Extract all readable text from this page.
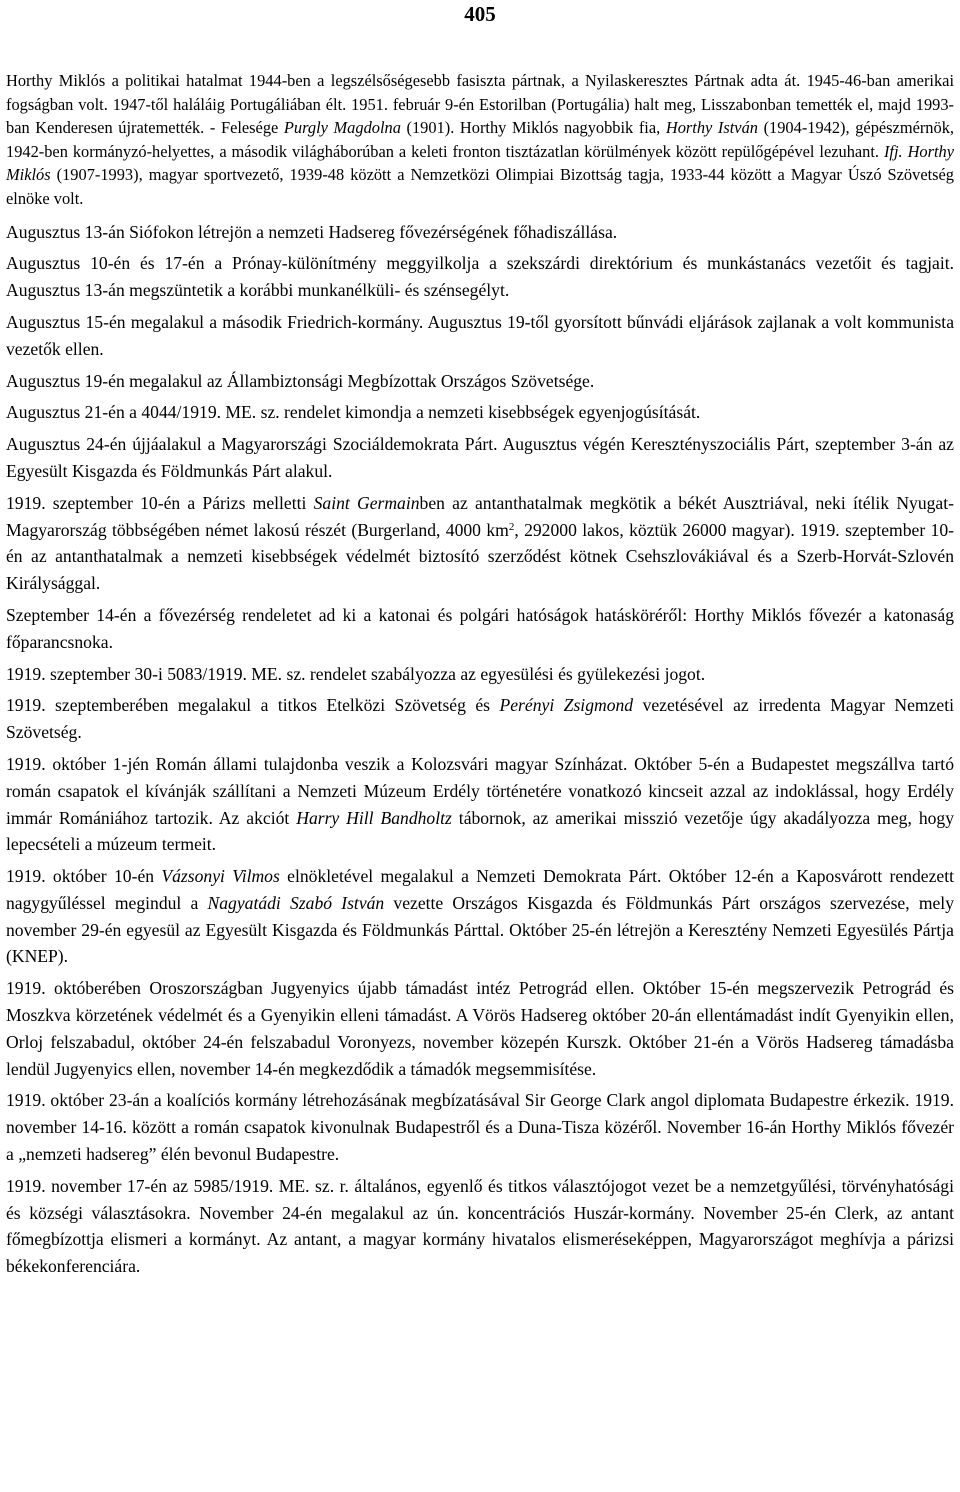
405

Horthy Miklós a politikai hatalmat 1944-ben a legszélsőségesebb fasiszta pártnak, a Nyilaskeresztes Pártnak adta át. 1945-46-ban amerikai fogságban volt. 1947-től haláláig Portugáliában élt. 1951. február 9-én Estorilban (Portugália) halt meg, Lisszabonban temették el, majd 1993-ban Kenderesen újratemették. - Felesége Purgly Magdolna (1901). Horthy Miklós nagyobbik fia, Horthy István (1904-1942), gépészmérnök, 1942-ben kormányzó-helyettes, a második világháborúban a keleti fronton tisztázatlan körülmények között repülőgépével lezuhant. Ifj. Horthy Miklós (1907-1993), magyar sportvezető, 1939-48 között a Nemzetközi Olimpiai Bizottság tagja, 1933-44 között a Magyar Úszó Szövetség elnöke volt.

Augusztus 13-án Siófokon létrejön a nemzeti Hadsereg fővezérségének főhadiszállása.

Augusztus 10-én és 17-én a Prónay-különítmény meggyilkolja a szekszárdi direktórium és munkástanács vezetőit és tagjait. Augusztus 13-án megszüntetik a korábbi munkanélküli- és szénsegélyt.

Augusztus 15-én megalakul a második Friedrich-kormány. Augusztus 19-től gyorsított bűnvádi eljárások zajlanak a volt kommunista vezetők ellen.

Augusztus 19-én megalakul az Állambiztonsági Megbízottak Országos Szövetsége.

Augusztus 21-én a 4044/1919. ME. sz. rendelet kimondja a nemzeti kisebbségek egyenjogúsítását.

Augusztus 24-én újjáalakul a Magyarországi Szociáldemokrata Párt. Augusztus végén Keresztényszociális Párt, szeptember 3-án az Egyesült Kisgazda és Földmunkás Párt alakul.

1919. szeptember 10-én a Párizs melletti Saint Germainben az antanthatalmak megkötik a békét Ausztriával, neki ítélik Nyugat-Magyarország többségében német lakosú részét (Burgerland, 4000 $km^2$, 292000 lakos, köztük 26000 magyar). 1919. szeptember 10-én az antanthatalmak a nemzeti kisebbségek védelmét biztosító szerződést kötnek Csehszlovákiával és a Szerb-Horvát-Szlovén Királysággal.

Szeptember 14-én a fővezérség rendeletet ad ki a katonai és polgári hatóságok hatásköréről: Horthy Miklós fővezér a katonaság főparancsnoka.

1919. szeptember 30-i 5083/1919. ME. sz. rendelet szabályozza az egyesülési és gyülekezési jogot.

1919. szeptemberében megalakul a titkos Etelközi Szövetség és Perényi Zsigmond vezetésével az irredenta Magyar Nemzeti Szövetség.

1919. október 1-jén Román állami tulajdonba veszik a Kolozsvári magyar Színházat. Október 5-én a Budapestet megszállva tartó román csapatok el kívánják szállítani a Nemzeti Múzeum Erdély történetére vonatkozó kincseit azzal az indoklással, hogy Erdély immár Romániához tartozik. Az akciót Harry Hill Bandholtz tábornok, az amerikai misszió vezetője úgy akadályozza meg, hogy lepecsételi a múzeum termeit.

1919. október 10-én Vázsonyi Vilmos elnökletével megalakul a Nemzeti Demokrata Párt. Október 12-én a Kaposvárott rendezett nagygyűléssel megindul a Nagyatádi Szabó István vezette Országos Kisgazda és Földmunkás Párt országos szervezése, mely november 29-én egyesül az Egyesült Kisgazda és Földmunkás Párttal. Október 25-én létrejön a Keresztény Nemzeti Egyesülés Pártja (KNEP).

1919. októberében Oroszországban Jugyenyics újabb támadást intéz Petrográd ellen. Október 15-én megszervezik Petrográd és Moszkva körzetének védelmét és a Gyenyikin elleni támadást. A Vörös Hadsereg október 20-án ellentámadást indít Gyenyikin ellen, Orloj felszabadul, október 24-én felszabadul Voronyezs, november közepén Kurszk. Október 21-én a Vörös Hadsereg támadásba lendül Jugyenyics ellen, november 14-én megkezdődik a támadók megsemmisítése.

1919. október 23-án a koalíciós kormány létrehozásának megbízatásával Sir George Clark angol diplomata Budapestre érkezik. 1919. november 14-16. között a román csapatok kivonulnak Budapestről és a Duna-Tisza közéről. November 16-án Horthy Miklós fővezér a „nemzeti hadsereg” élén bevonul Budapestre.

1919. november 17-én az 5985/1919. ME. sz. r. általános, egyenlő és titkos választójogot vezet be a nemzetgyűlési, törvényhatósági és községi választásokra. November 24-én megalakul az ún. koncentrációs Huszár-kormány. November 25-én Clerk, az antant főmegbízottja elismeri a kormányt. Az antant, a magyar kormány hivatalos elismeréseképpen, Magyarországot meghívja a párizsi békekonferenciára.
